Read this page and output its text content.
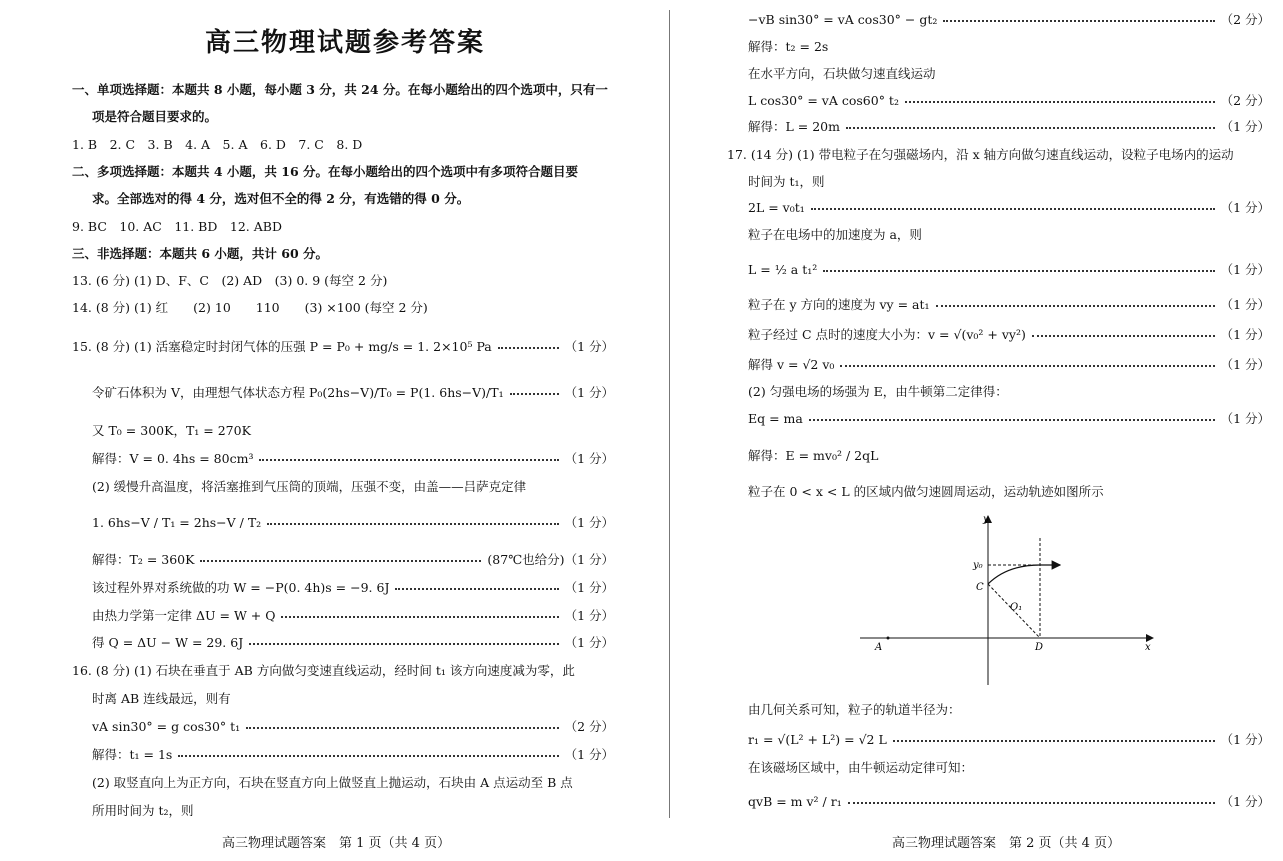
高三物理试题参考答案
一、单项选择题：本题共 8 小题，每小题 3 分，共 24 分。在每小题给出的四个选项中，只有一
项是符合题目要求的。
1. B　2. C　3. B　4. A　5. A　6. D　7. C　8. D
二、多项选择题：本题共 4 小题，共 16 分。在每小题给出的四个选项中有多项符合题目要
求。全部选对的得 4 分，选对但不全的得 2 分，有选错的得 0 分。
9. BC　10. AC　11. BD　12. ABD
三、非选择题：本题共 6 小题，共计 60 分。
13. (6 分) (1) D、F、C　(2) AD　(3) 0. 9 (每空 2 分)
14. (8 分) (1) 红　　(2) 10　　110　　(3) ×100 (每空 2 分)
15. (8 分) (1) 活塞稳定时封闭气体的压强 P = P₀ + mg/s = 1. 2×10⁵ Pa	（1 分）
令矿石体积为 V，由理想气体状态方程 P₀(2hs−V)/T₀ = P(1. 6hs−V)/T₁	（1 分）
又 T₀ = 300K，T₁ = 270K
解得：V = 0. 4hs = 80cm³	（1 分）
(2) 缓慢升高温度，将活塞推到气压筒的顶端，压强不变，由盖——吕萨克定律
1. 6hs−V / T₁ = 2hs−V / T₂	（1 分）
解得：T₂ = 360K	(87℃也给分) （1 分）
该过程外界对系统做的功 W = −P(0. 4h)s = −9. 6J	（1 分）
由热力学第一定律 ΔU = W + Q	（1 分）
得 Q = ΔU − W = 29. 6J	（1 分）
16. (8 分) (1) 石块在垂直于 AB 方向做匀变速直线运动，经时间 t₁ 该方向速度减为零，此
时离 AB 连线最远，则有
vA sin30° = g cos30° t₁	（2 分）
解得：t₁ = 1s	（1 分）
(2) 取竖直向上为正方向，石块在竖直方向上做竖直上抛运动，石块由 A 点运动至 B 点
所用时间为 t₂，则
高三物理试题答案　第 1 页（共 4 页）
−vB sin30° = vA cos30° − gt₂	（2 分）
解得：t₂ = 2s
在水平方向，石块做匀速直线运动
L cos30° = vA cos60° t₂	（2 分）
解得：L = 20m	（1 分）
17. (14 分) (1) 带电粒子在匀强磁场内，沿 x 轴方向做匀速直线运动，设粒子电场内的运动
时间为 t₁，则
2L = v₀t₁	（1 分）
粒子在电场中的加速度为 a，则
L = ½ a t₁²	（1 分）
粒子在 y 方向的速度为 vy = at₁	（1 分）
粒子经过 C 点时的速度大小为：v = √(v₀² + vy²)	（1 分）
解得 v = √2 v₀	（1 分）
(2) 匀强电场的场强为 E，由牛顿第二定律得：
Eq = ma	（1 分）
解得：E = mv₀² / 2qL
粒子在 0 < x < L 的区域内做匀速圆周运动，运动轨迹如图所示
由几何关系可知，粒子的轨道半径为：
r₁ = √(L² + L²) = √2 L	（1 分）
在该磁场区域中，由牛顿运动定律可知：
qvB = m v² / r₁	（1 分）
高三物理试题答案　第 2 页（共 4 页）
y
x
y₀
C
A	D
O₁
